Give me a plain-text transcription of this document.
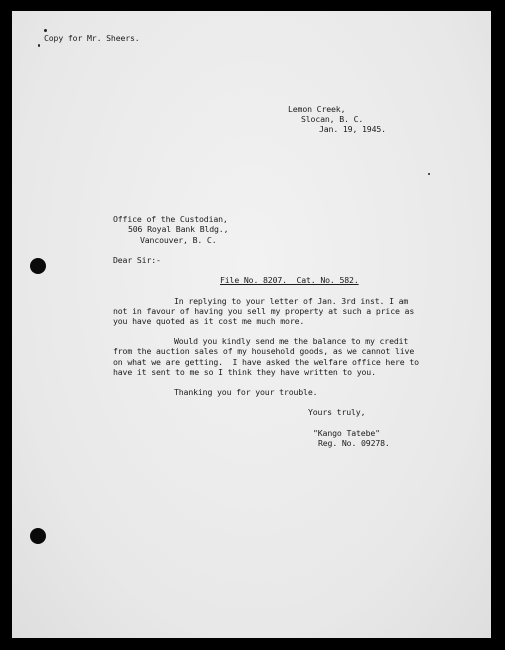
Copy for Mr. Sheers.
Lemon Creek,
Slocan, B. C.
Jan. 19, 1945.
Office of the Custodian,
506 Royal Bank Bldg.,
Vancouver, B. C.
Dear Sir:-
File No. 8207.  Cat. No. 582.
In replying to your letter of Jan. 3rd inst. I am
not in favour of having you sell my property at such a price as
you have quoted as it cost me much more.
Would you kindly send me the balance to my credit
from the auction sales of my household goods, as we cannot live
on what we are getting.  I have asked the welfare office here to
have it sent to me so I think they have written to you.
Thanking you for your trouble.
Yours truly,
"Kango Tatebe"
Reg. No. 09278.
